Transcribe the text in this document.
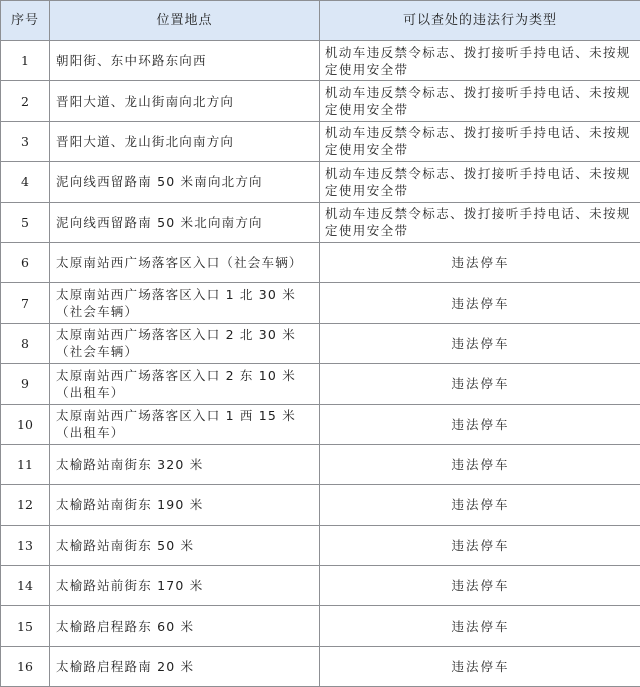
序号	位置地点	可以查处的违法行为类型
1	朝阳街、东中环路东向西	机动车违反禁令标志、拨打接听手持电话、未按规定使用安全带
2	晋阳大道、龙山街南向北方向	机动车违反禁令标志、拨打接听手持电话、未按规定使用安全带
3	晋阳大道、龙山街北向南方向	机动车违反禁令标志、拨打接听手持电话、未按规定使用安全带
4	泥向线西留路南 50 米南向北方向	机动车违反禁令标志、拨打接听手持电话、未按规定使用安全带
5	泥向线西留路南 50 米北向南方向	机动车违反禁令标志、拨打接听手持电话、未按规定使用安全带
6	太原南站西广场落客区入口（社会车辆）	违法停车
7	太原南站西广场落客区入口 1 北 30 米（社会车辆）	违法停车
8	太原南站西广场落客区入口 2 北 30 米（社会车辆）	违法停车
9	太原南站西广场落客区入口 2 东 10 米（出租车）	违法停车
10	太原南站西广场落客区入口 1 西 15 米（出租车）	违法停车
11	太榆路站南街东 320 米	违法停车
12	太榆路站南街东 190 米	违法停车
13	太榆路站南街东 50 米	违法停车
14	太榆路站前街东 170 米	违法停车
15	太榆路启程路东 60 米	违法停车
16	太榆路启程路南 20 米	违法停车
